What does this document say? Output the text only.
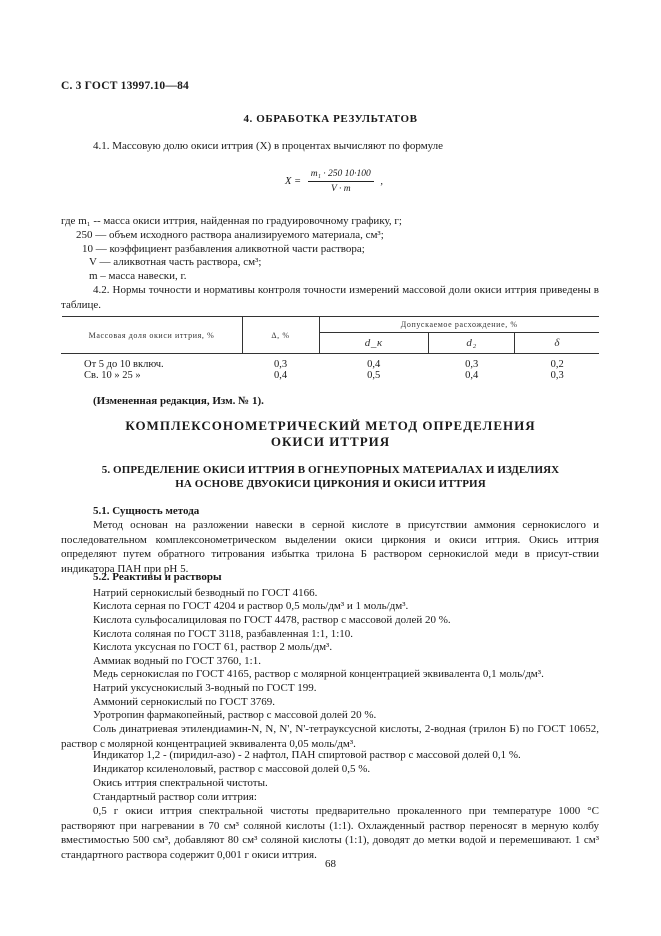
С. 3 ГОСТ 13997.10—84
4. ОБРАБОТКА РЕЗУЛЬТАТОВ
4.1. Массовую долю окиси иттрия (X) в процентах вычисляют по формуле
$X = \frac{\text{m₁ · 250 10·100}}{V \cdot m}$ ,
где m₁ -- масса окиси иттрия, найденная по градуировочному графику, г;
250 — объем исходного раствора анализируемого материала, см³;
10 — коэффициент разбавления аликвотной части раствора;
V — аликвотная часть раствора, см³;
m – масса навески, г.
4.2. Нормы точности и нормативы контроля точности измерений массовой доли окиси иттрия приведены в таблице.
Массовая доля окиси иттрия, %	Δ, %	Допускаемое расхождение, %		
		d_к	d₂	δ
От 5 до 10 включ.	0,3	0,4	0,3	0,2
Св. 10 » 25 »	0,4	0,5	0,4	0,3
(Измененная редакция, Изм. № 1).
КОМПЛЕКСОНОМЕТРИЧЕСКИЙ МЕТОД ОПРЕДЕЛЕНИЯ
ОКИСИ ИТТРИЯ
5. ОПРЕДЕЛЕНИЕ ОКИСИ ИТТРИЯ В ОГНЕУПОРНЫХ МАТЕРИАЛАХ И ИЗДЕЛИЯХ
НА ОСНОВЕ ДВУОКИСИ ЦИРКОНИЯ И ОКИСИ ИТТРИЯ
5.1. Сущность метода
Метод основан на разложении навески в серной кислоте в присутствии аммония сернокислого и последовательном комплексонометрическом выделении окиси циркония и окиси иттрия. Окись иттрия определяют путем обратного титрования избытка трилона Б раствором сернокислой меди в присут-ствии индикатора ПАН при pH 5.
5.2. Реактивы и растворы
Натрий сернокислый безводный по ГОСТ 4166.
Кислота серная по ГОСТ 4204 и раствор 0,5 моль/дм³ и 1 моль/дм³.
Кислота сульфосалициловая по ГОСТ 4478, раствор с массовой долей 20 %.
Кислота соляная по ГОСТ 3118, разбавленная 1:1, 1:10.
Кислота уксусная по ГОСТ 61, раствор 2 моль/дм³.
Аммиак водный по ГОСТ 3760, 1:1.
Медь сернокислая по ГОСТ 4165, раствор с молярной концентрацией эквивалента 0,1 моль/дм³.
Натрий уксуснокислый 3-водный по ГОСТ 199.
Аммоний сернокислый по ГОСТ 3769.
Уротропин фармакопейный, раствор с массовой долей 20 %.
Соль динатриевая этилендиамин-N, N, N', N'-тетрауксусной кислоты, 2-водная (трилон Б) по ГОСТ 10652, раствор с молярной концентрацией эквивалента 0,05 моль/дм³.
Индикатор 1,2 - (пиридил-азо) - 2 нафтол, ПАН спиртовой раствор с массовой долей 0,1 %.
Индикатор ксиленоловый, раствор с массовой долей 0,5 %.
Окись иттрия спектральной чистоты.
Стандартный раствор соли иттрия:
0,5 г окиси иттрия спектральной чистоты предварительно прокаленного при температуре 1000 °С растворяют при нагревании в 70 см³ соляной кислоты (1:1). Охлажденный раствор переносят в мерную колбу вместимостью 500 см³, добавляют 80 см³ соляной кислоты (1:1), доводят до метки водой и перемешивают. 1 см³ стандартного раствора содержит 0,001 г окиси иттрия.
68
